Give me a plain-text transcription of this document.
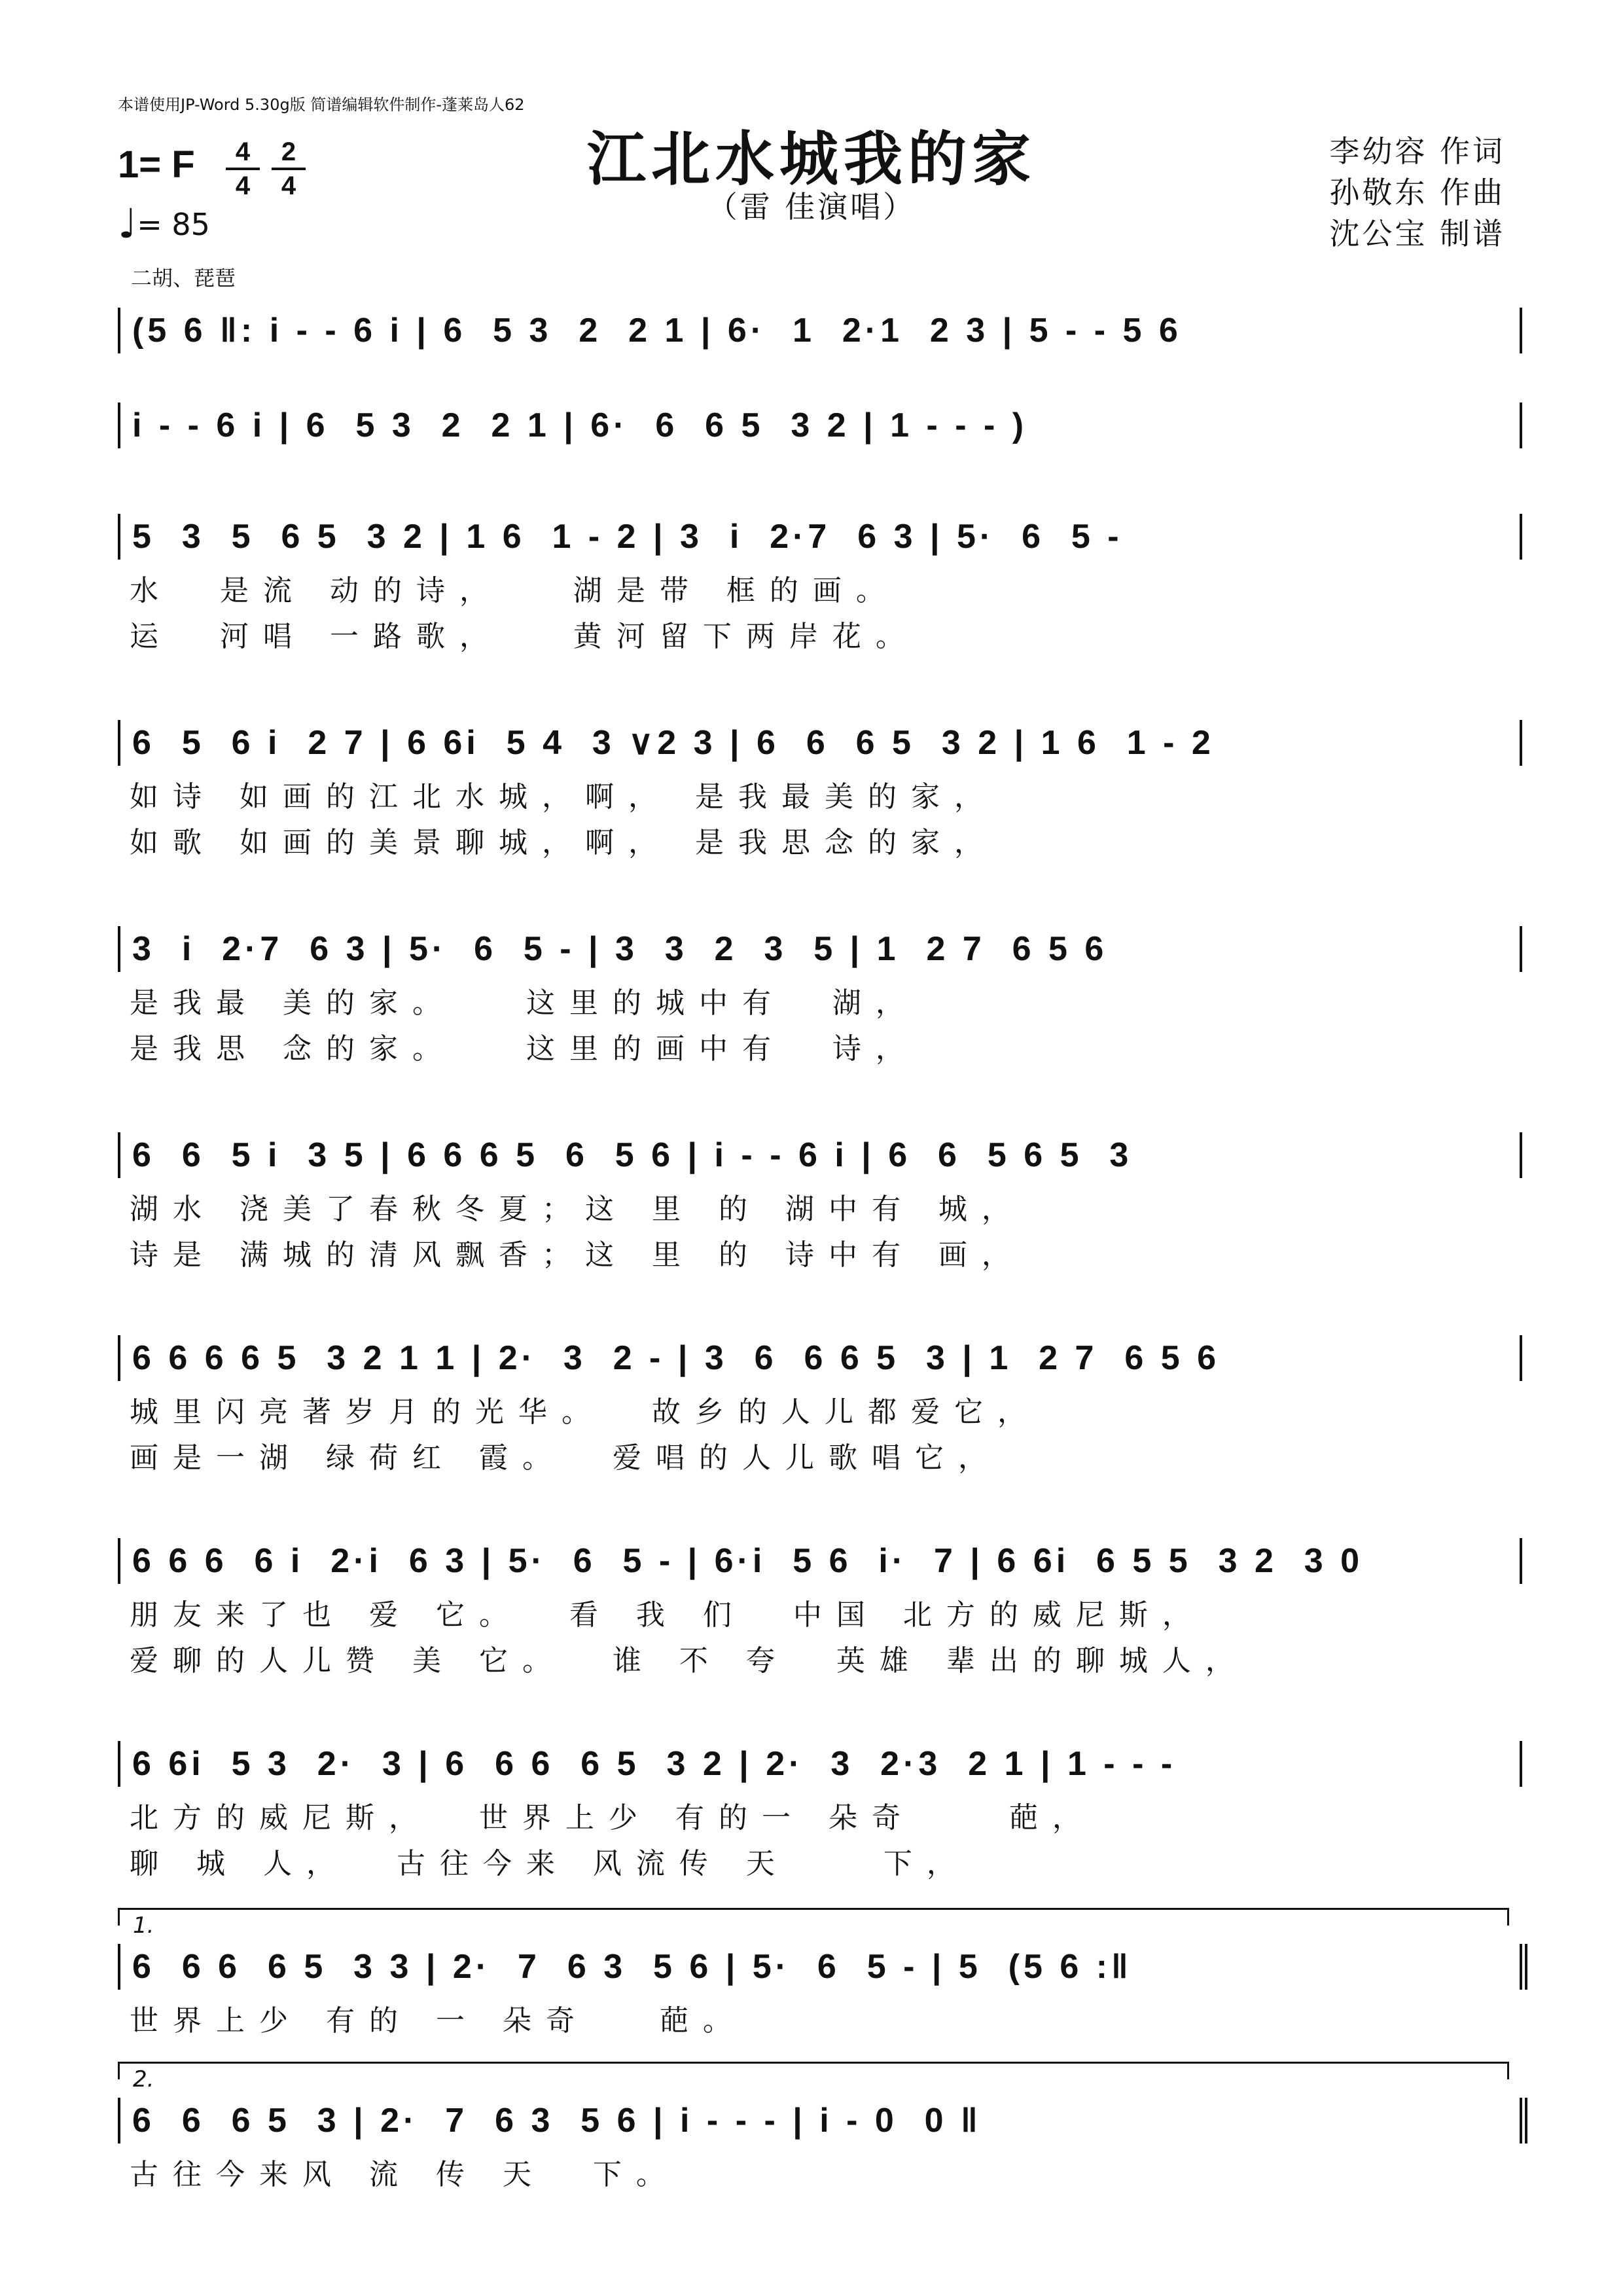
本谱使用JP-Word 5.30g版 简谱编辑软件制作-蓬莱岛人62
1= F	4
4
2
4
♩= 85
江北水城我的家
（雷 佳演唱）
李幼容 作词
孙敬东 作曲
沈公宝 制谱
二胡、琵琶
(5 6 ‖: i - - 6 i | 6  5 3  2  2 1 | 6·  1  2·1  2 3 | 5 - - 5 6
i - - 6 i | 6  5 3  2  2 1 | 6·  6  6 5  3 2 | 1 - - - )
5  3  5  6 5  3 2 | 1 6  1 - 2 | 3  i  2·7  6 3 | 5·  6  5 -
水  是流 动的诗，   湖是带 框的画。
运  河唱 一路歌，   黄河留下两岸花。
6  5  6 i  2 7 | 6 6i  5 4  3 ∨2 3 | 6  6  6 5  3 2 | 1 6  1 - 2
如诗 如画的江北水城，啊， 是我最美的家，
如歌 如画的美景聊城，啊， 是我思念的家，
3  i  2·7  6 3 | 5·  6  5 - | 3  3  2  3  5 | 1  2 7  6 5 6
是我最 美的家。   这里的城中有  湖，
是我思 念的家。   这里的画中有  诗，
6  6  5 i  3 5 | 6 6 6 5  6  5 6 | i - - 6 i | 6  6  5 6 5  3
湖水 浇美了春秋冬夏；这 里 的 湖中有 城，
诗是 满城的清风飘香；这 里 的 诗中有 画，
6 6 6 6 5  3 2 1 1 | 2·  3  2 - | 3  6  6 6 5  3 | 1  2 7  6 5 6
城里闪亮著岁月的光华。  故乡的人儿都爱它，
画是一湖 绿荷红 霞。  爱唱的人儿歌唱它，
6 6 6  6 i  2·i  6 3 | 5·  6  5 - | 6·i  5 6  i·  7 | 6 6i  6 5 5  3 2  3 0
朋友来了也 爱 它。  看 我 们  中国 北方的威尼斯，
爱聊的人儿赞 美 它。  谁 不 夸  英雄 辈出的聊城人，
6 6i  5 3  2·  3 | 6  6 6  6 5  3 2 | 2·  3  2·3  2 1 | 1 - - -
北方的威尼斯，  世界上少 有的一 朵奇    葩，
聊 城 人，  古往今来 风流传 天    下，
1.
6  6 6  6 5  3 3 | 2·  7  6 3  5 6 | 5·  6  5 - | 5  (5 6 :‖
世界上少 有的 一 朵奇   葩。
2.
6  6  6 5  3 | 2·  7  6 3  5 6 | i - - - | i - 0  0 ‖
古往今来风 流 传 天  下。
